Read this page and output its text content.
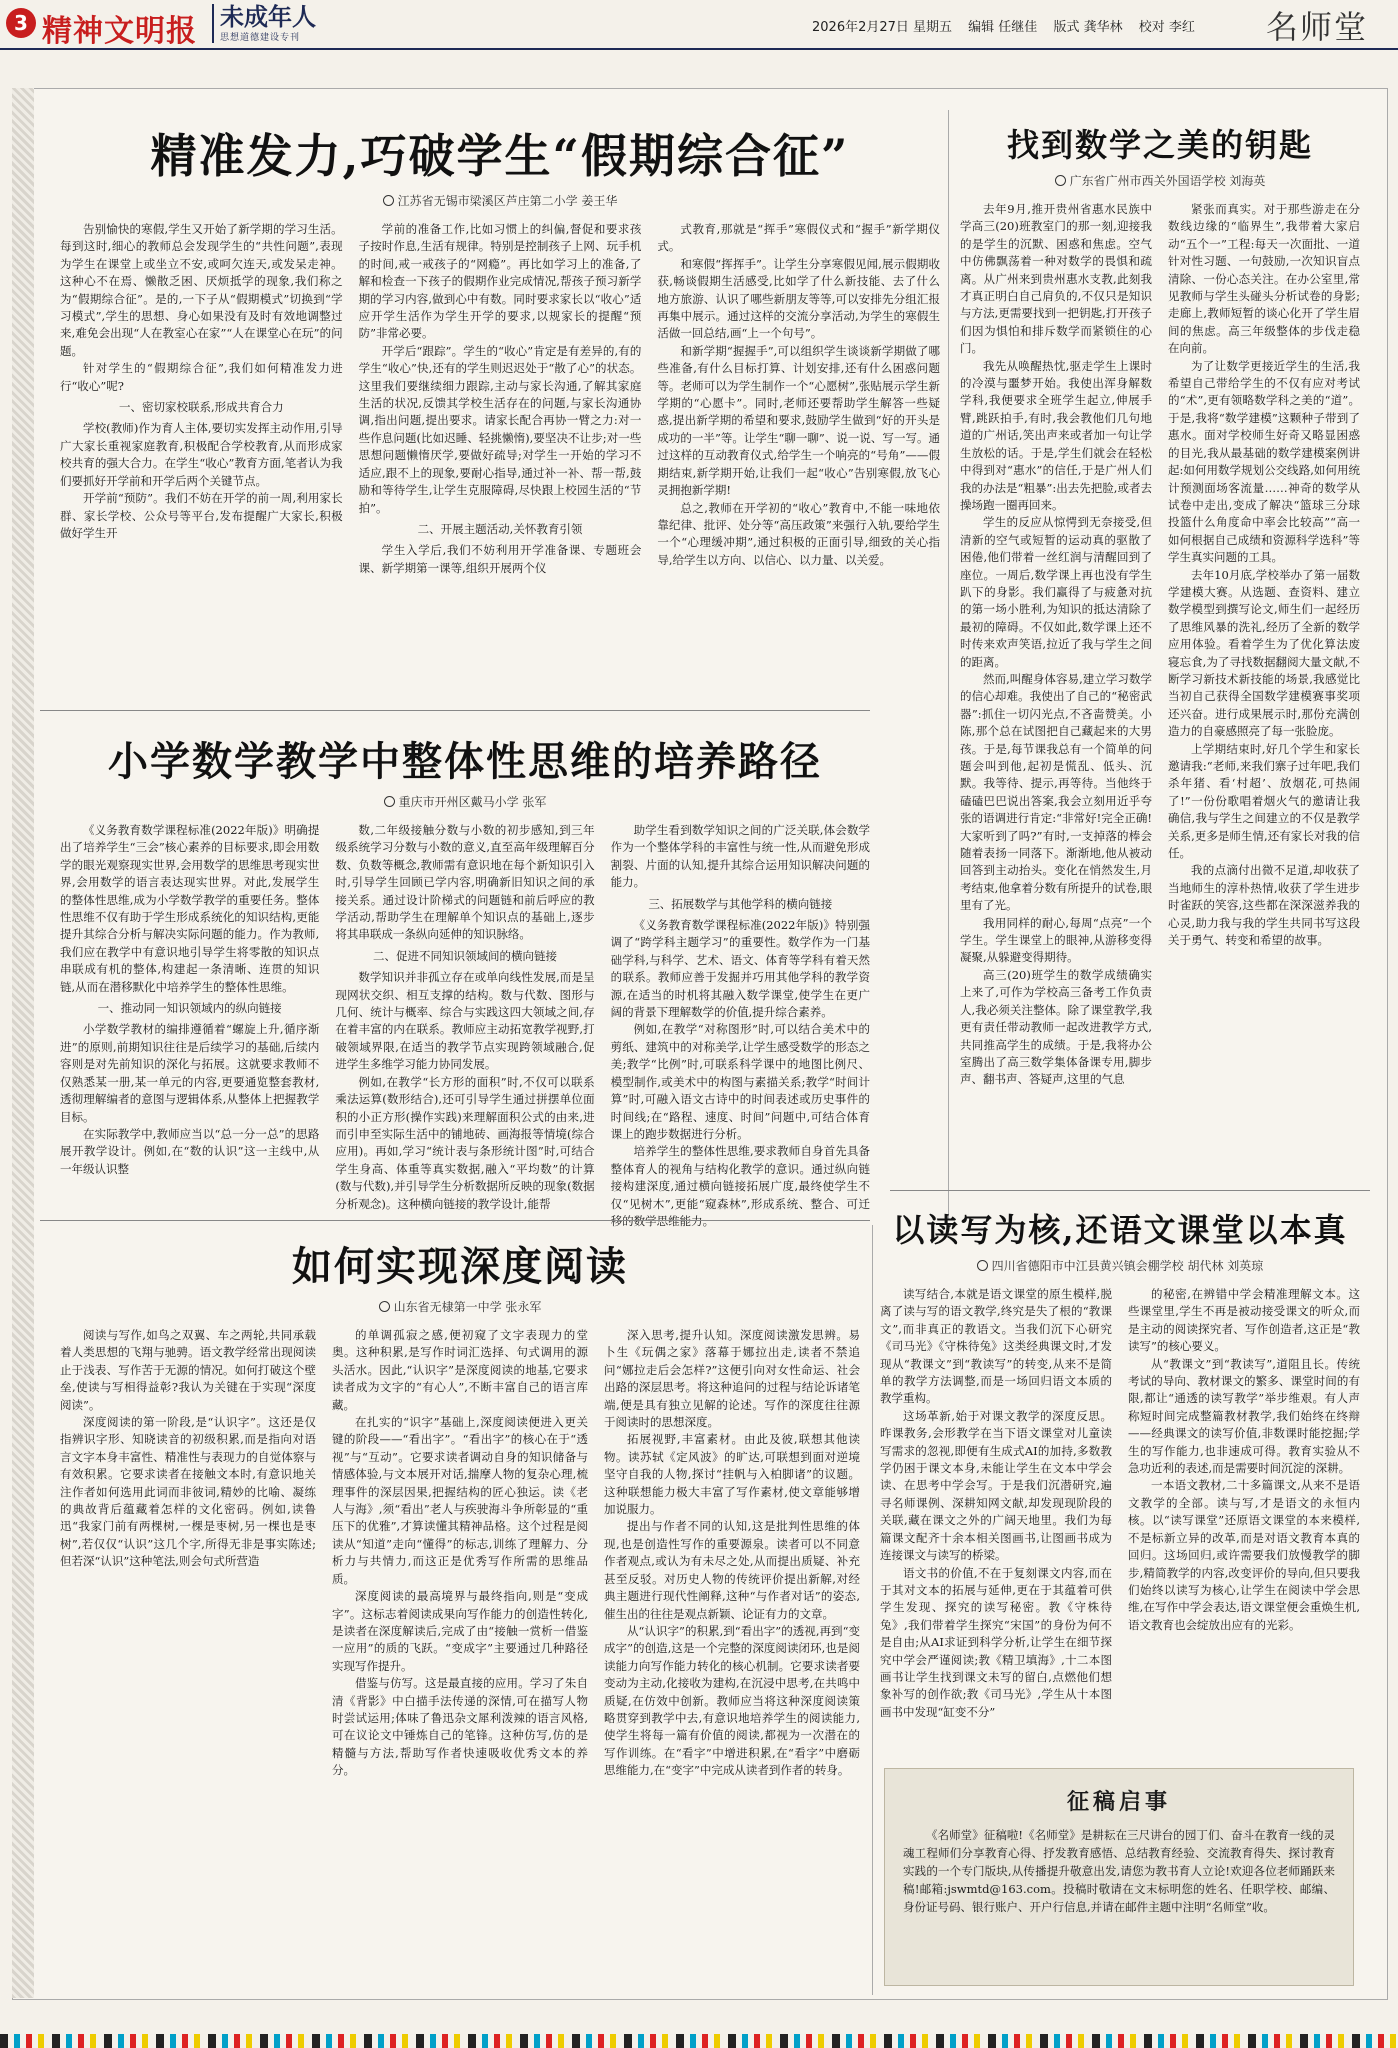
3 精神文明报 未成年人
思想道德建设专刊
2026年2月27日 星期五 编辑 任继佳 版式 龚华林 校对 李红	名师堂
精准发力,巧破学生“假期综合征”
江苏省无锡市梁溪区芦庄第二小学 姜王华

告别愉快的寒假,学生又开始了新学期的学习生活。每到这时,细心的教师总会发现学生的“共性问题”,表现为学生在课堂上或坐立不安,或呵欠连天,或发呆走神。这种心不在焉、懒散乏困、厌烦抵学的现象,我们称之为“假期综合征”。是的,一下子从“假期模式”切换到“学习模式”,学生的思想、身心如果没有及时有效地调整过来,难免会出现“人在教室心在家”“人在课堂心在玩”的问题。

针对学生的“假期综合征”,我们如何精准发力进行“收心”呢?

一、密切家校联系,形成共育合力

学校(教师)作为育人主体,要切实发挥主动作用,引导广大家长重视家庭教育,积极配合学校教育,从而形成家校共育的强大合力。在学生“收心”教育方面,笔者认为我们要抓好开学前和开学后两个关键节点。

开学前“预防”。我们不妨在开学的前一周,利用家长群、家长学校、公众号等平台,发布提醒广大家长,积极做好学生开

学前的准备工作,比如习惯上的纠偏,督促和要求孩子按时作息,生活有规律。特别是控制孩子上网、玩手机的时间,戒一戒孩子的“网瘾”。再比如学习上的准备,了解和检查一下孩子的假期作业完成情况,帮孩子预习新学期的学习内容,做到心中有数。同时要求家长以“收心”适应开学生活作为学生开学的要求,以规家长的提醒“预防”非常必要。

开学后“跟踪”。学生的“收心”肯定是有差异的,有的学生“收心”快,还有的学生则迟迟处于“散了心”的状态。这里我们要继续细力跟踪,主动与家长沟通,了解其家庭生活的状况,反馈其学校生活存在的问题,与家长沟通协调,指出问题,提出要求。请家长配合再协一臂之力:对一些作息问题(比如迟睡、轻挑懒惰),要坚决不让步;对一些思想问题懒惰厌学,要做好疏导;对学生一开始的学习不适应,跟不上的现象,要耐心指导,通过补一补、帮一帮,鼓励和等待学生,让学生克服障碍,尽快跟上校园生活的“节拍”。

二、开展主题活动,关怀教育引领

学生入学后,我们不妨利用开学准备课、专题班会课、新学期第一课等,组织开展两个仪

式教育,那就是“挥手”寒假仪式和“握手”新学期仪式。

和寒假“挥挥手”。让学生分享寒假见闻,展示假期收获,畅谈假期生活感受,比如学了什么新技能、去了什么地方旅游、认识了哪些新朋友等等,可以安排先分组汇报再集中展示。通过这样的交流分享活动,为学生的寒假生活做一回总结,画“上一个句号”。

和新学期“握握手”,可以组织学生谈谈新学期做了哪些准备,有什么目标打算、计划安排,还有什么困惑问题等。老师可以为学生制作一个“心愿树”,张贴展示学生新学期的“心愿卡”。同时,老师还要帮助学生解答一些疑惑,提出新学期的希望和要求,鼓励学生做到“好的开头是成功的一半”等。让学生“聊一聊”、说一说、写一写。通过这样的互动教育仪式,给学生一个响亮的“号角”——假期结束,新学期开始,让我们一起“收心”告别寒假,放飞心灵拥抱新学期!

总之,教师在开学初的“收心”教育中,不能一味地依靠纪律、批评、处分等“高压政策”来强行入轨,要给学生一个“心理缓冲期”,通过积极的正面引导,细致的关心指导,给学生以方向、以信心、以力量、以关爱。

小学数学教学中整体性思维的培养路径
重庆市开州区戴马小学 张军

《义务教育数学课程标准(2022年版)》明确提出了培养学生“三会”核心素养的目标要求,即会用数学的眼光观察现实世界,会用数学的思维思考现实世界,会用数学的语言表达现实世界。对此,发展学生的整体性思维,成为小学数学教学的重要任务。整体性思维不仅有助于学生形成系统化的知识结构,更能提升其综合分析与解决实际问题的能力。作为教师,我们应在教学中有意识地引导学生将零散的知识点串联成有机的整体,构建起一条清晰、连贯的知识链,从而在潜移默化中培养学生的整体性思维。

一、推动同一知识领域内的纵向链接

小学数学教材的编排遵循着“螺旋上升,循序渐进”的原则,前期知识往往是后续学习的基础,后续内容则是对先前知识的深化与拓展。这就要求教师不仅熟悉某一册,某一单元的内容,更要通览整套教材,透彻理解编者的意图与逻辑体系,从整体上把握教学目标。

在实际教学中,教师应当以“总一分一总”的思路展开教学设计。例如,在“数的认识”这一主线中,从一年级认识整

数,二年级接触分数与小数的初步感知,到三年级系统学习分数与小数的意义,直至高年级理解百分数、负数等概念,教师需有意识地在每个新知识引入时,引导学生回顾已学内容,明确新旧知识之间的承接关系。通过设计阶梯式的问题链和前后呼应的教学活动,帮助学生在理解单个知识点的基础上,逐步将其串联成一条纵向延伸的知识脉络。

二、促进不同知识领域间的横向链接

数学知识并非孤立存在或单向线性发展,而是呈现网状交织、相互支撑的结构。数与代数、图形与几何、统计与概率、综合与实践这四大领域之间,存在着丰富的内在联系。教师应主动拓宽教学视野,打破领域界限,在适当的教学节点实现跨领域融合,促进学生多维学习能力协同发展。

例如,在教学“长方形的面积”时,不仅可以联系乘法运算(数形结合),还可引导学生通过拼摆单位面积的小正方形(操作实践)来理解面积公式的由来,进而引申至实际生活中的铺地砖、画海报等情境(综合应用)。再如,学习“统计表与条形统计图”时,可结合学生身高、体重等真实数据,融入“平均数”的计算(数与代数),并引导学生分析数据所反映的现象(数据分析观念)。这种横向链接的教学设计,能帮

助学生看到数学知识之间的广泛关联,体会数学作为一个整体学科的丰富性与统一性,从而避免形成割裂、片面的认知,提升其综合运用知识解决问题的能力。

三、拓展数学与其他学科的横向链接

《义务教育数学课程标准(2022年版)》特别强调了“跨学科主题学习”的重要性。数学作为一门基础学科,与科学、艺术、语文、体育等学科有着天然的联系。教师应善于发掘并巧用其他学科的教学资源,在适当的时机将其融入数学课堂,使学生在更广阔的背景下理解数学的价值,提升综合素养。

例如,在教学“对称图形”时,可以结合美术中的剪纸、建筑中的对称美学,让学生感受数学的形态之美;教学“比例”时,可联系科学课中的地图比例尺、模型制作,或美术中的构图与素描关系;教学“时间计算”时,可融入语文古诗中的时间表述或历史事件的时间线;在“路程、速度、时间”问题中,可结合体育课上的跑步数据进行分析。

培养学生的整体性思维,要求教师自身首先具备整体育人的视角与结构化教学的意识。通过纵向链接构建深度,通过横向链接拓展广度,最终使学生不仅“见树木”,更能“窥森林”,形成系统、整合、可迁移的数学思维能力。

找到数学之美的钥匙
广东省广州市西关外国语学校 刘海英

去年9月,推开贵州省惠水民族中学高三(20)班教室门的那一刻,迎接我的是学生的沉默、困惑和焦虑。空气中仿佛飘荡着一种对数学的畏惧和疏离。从广州来到贵州惠水支教,此刻我才真正明白自己肩负的,不仅只是知识与方法,更需要找到一把钥匙,打开孩子们因为惧怕和排斥数学而紧锁住的心门。

我先从唤醒热忱,驱走学生上课时的冷漠与噩梦开始。我使出浑身解数学科,我便要求全班学生起立,伸展手臂,跳跃拍手,有时,我会教他们几句地道的广州话,笑出声来或者加一句让学生放松的话。于是,学生们就会在轻松中得到对“惠水”的信任,于是广州人们我的办法是“粗暴”:出去先把脸,或者去操场跑一圈再回来。

学生的反应从惊愕到无奈接受,但清新的空气或短暂的运动真的驱散了困倦,他们带着一丝红润与清醒回到了座位。一周后,数学课上再也没有学生趴下的身影。我们赢得了与疲惫对抗的第一场小胜利,为知识的抵达清除了最初的障碍。不仅如此,数学课上还不时传来欢声笑语,拉近了我与学生之间的距离。

然而,叫醒身体容易,建立学习数学的信心却难。我使出了自己的“秘密武器”:抓住一切闪光点,不吝啬赞美。小陈,那个总在试图把自己藏起来的大男孩。于是,每节课我总有一个简单的问题会叫到他,起初是慌乱、低头、沉默。我等待、提示,再等待。当他终于磕磕巴巴说出答案,我会立刻用近乎夸张的语调进行肯定:“非常好!完全正确!大家听到了吗?”有时,一支掉落的棒会随着表扬一同落下。渐渐地,他从被动回答到主动抬头。变化在悄然发生,月考结束,他拿着分数有所提升的试卷,眼里有了光。

我用同样的耐心,每周“点亮”一个学生。学生课堂上的眼神,从游移变得凝聚,从躲避变得期待。

高三(20)班学生的数学成绩确实上来了,可作为学校高三备考工作负责人,我必须关注整体。除了课堂教学,我更有责任带动教师一起改进教学方式,共同推高学生的成绩。于是,我将办公室腾出了高三数学集体备课专用,脚步声、翻书声、答疑声,这里的气息

紧张而真实。对于那些游走在分数线边缘的“临界生”,我带着大家启动“五个一”工程:每天一次面批、一道针对性习题、一句鼓励,一次知识盲点清除、一份心态关注。在办公室里,常见教师与学生头碰头分析试卷的身影;走廊上,教师短暂的谈心化开了学生眉间的焦虑。高三年级整体的步伐走稳在向前。

为了让数学更接近学生的生活,我希望自己带给学生的不仅有应对考试的“术”,更有领略数学科之美的“道”。于是,我将“数学建模”这颗种子带到了惠水。面对学校师生好奇又略显困惑的目光,我从最基础的数学建模案例讲起:如何用数学规划公交线路,如何用统计预测面场客流量……神奇的数学从试卷中走出,变成了解决“篮球三分球投篮什么角度命中率会比较高”“高一如何根据自己成绩和资源科学选科”等学生真实问题的工具。

去年10月底,学校举办了第一届数学建模大赛。从选题、查资料、建立数学模型到撰写论文,师生们一起经历了思维风暴的洗礼,经历了全新的数学应用体验。看着学生为了优化算法废寝忘食,为了寻找数据翻阅大量文献,不断学习新技术新技能的场景,我感觉比当初自己获得全国数学建模赛事奖项还兴奋。进行成果展示时,那份充满创造力的自豪感照亮了每一张脸庞。

上学期结束时,好几个学生和家长邀请我:“老师,来我们寨子过年吧,我们杀年猪、看‘村超’、放烟花,可热闹了!”一份份歌唱着烟火气的邀请让我确信,我与学生之间建立的不仅是教学关系,更多是师生情,还有家长对我的信任。

我的点滴付出微不足道,却收获了当地师生的淳朴热情,收获了学生进步时雀跃的笑容,这些都在深深滋养我的心灵,助力我与我的学生共同书写这段关于勇气、转变和希望的故事。

以读写为核,还语文课堂以本真
四川省德阳市中江县黄兴镇会棚学校 胡代林 刘英琼

读写结合,本就是语文课堂的原生模样,脱离了读与写的语文教学,终究是失了根的“教课文”,而非真正的教语文。当我们沉下心研究《司马光》《守株待兔》这类经典课文时,才发现从“教课文”到“教读写”的转变,从来不是简单的教学方法调整,而是一场回归语文本质的教学重构。

这场革新,始于对课文教学的深度反思。昨课教务,会形教学在当下语文课堂对儿童读写需求的忽视,即便有生成式AI的加持,多数教学仍困于课文本身,未能让学生在文本中学会读、在思考中学会写。于是我们沉潜研究,遍寻名师课例、深耕知网文献,却发现现阶段的关联,藏在课文之外的广阔天地里。我们为每篇课文配齐十余本相关图画书,让图画书成为连接课文与读写的桥梁。

语文书的价值,不在于复刻课文内容,而在于其对文本的拓展与延伸,更在于其蕴着可供学生发现、探究的读写秘密。教《守株待兔》,我们带着学生探究“宋国”的身份为何不是自由;从AI求证到科学分析,让学生在细节探究中学会严谨阅读;教《精卫填海》,十二本图画书让学生找到课文未写的留白,点燃他们想象补写的创作欲;教《司马光》,学生从十本图画书中发现“缸变不分”

的秘密,在辨错中学会精准理解文本。这些课堂里,学生不再是被动接受课文的听众,而是主动的阅读探究者、写作创造者,这正是“教读写”的核心要义。

从“教课文”到“教读写”,道阻且长。传统考试的导向、教材课文的繁多、课堂时间的有限,都让“通透的读写教学”举步维艰。有人声称短时间完成整篇教材教学,我们始终在终辩——经典课文的读写价值,非数课时能挖掘;学生的写作能力,也非速成可得。教育实验从不急功近利的表述,而是需要时间沉淀的深耕。

一本语文教材,二十多篇课文,从来不是语文教学的全部。读与写,才是语文的永恒内核。以“读写课堂”还原语文课堂的本来模样,不是标新立异的改革,而是对语文教育本真的回归。这场回归,或许需要我们放慢教学的脚步,精简教学的内容,改变评价的导向,但只要我们始终以读写为核心,让学生在阅读中学会思维,在写作中学会表达,语文课堂便会重焕生机,语文教育也会绽放出应有的光彩。

如何实现深度阅读
山东省无棣第一中学 张永军

阅读与写作,如鸟之双翼、车之两轮,共同承载着人类思想的飞翔与驰骋。语文教学经常出现阅读止于浅表、写作苦于无源的情况。如何打破这个壁垒,使读与写相得益彰?我认为关键在于实现“深度阅读”。

深度阅读的第一阶段,是“认识字”。这还是仅指辨识字形、知晓读音的初级积累,而是指向对语言文字本身丰富性、精准性与表现力的自觉体察与有效积累。它要求读者在接触文本时,有意识地关注作者如何选用此词而非彼词,精妙的比喻、凝练的典故背后蕴藏着怎样的文化密码。例如,读鲁迅“我家门前有两棵树,一棵是枣树,另一棵也是枣树”,若仅仅“认识”这几个字,所得无非是事实陈述;但若深“认识”这种笔法,则会句式所营造

的单调孤寂之感,便初窥了文字表现力的堂奥。这种积累,是写作时词汇选择、句式调用的源头活水。因此,“认识字”是深度阅读的地基,它要求读者成为文字的“有心人”,不断丰富自己的语言库藏。

在扎实的“识字”基础上,深度阅读便进入更关键的阶段——“看出字”。“看出字”的核心在于“透视”与“互动”。它要求读者调动自身的知识储备与情感体验,与文本展开对话,揣摩人物的复杂心理,梳理事件的深层因果,把握结构的匠心独运。读《老人与海》,须“看出”老人与疾驶海斗争所彰显的“重压下的优雅”,才算读懂其精神品格。这个过程是阅读从“知道”走向“懂得”的标志,训练了理解力、分析力与共情力,而这正是优秀写作所需的思维品质。

深度阅读的最高境界与最终指向,则是“变成字”。这标志着阅读成果向写作能力的创造性转化,是读者在深度解读后,完成了由“接触一赏析一借鉴一应用”的质的飞跃。“变成字”主要通过几种路径实现写作提升。

借鉴与仿写。这是最直接的应用。学习了朱自清《背影》中白描手法传递的深情,可在描写人物时尝试运用;体味了鲁迅杂文犀利泼辣的语言风格,可在议论文中锤炼自己的笔锋。这种仿写,仿的是精髓与方法,帮助写作者快速吸收优秀文本的养分。

深入思考,提升认知。深度阅读激发思辨。易卜生《玩偶之家》落幕于娜拉出走,读者不禁追问“娜拉走后会怎样?”这便引向对女性命运、社会出路的深层思考。将这种追问的过程与结论诉诸笔端,便是具有独立见解的论述。写作的深度往往源于阅读时的思想深度。

拓展视野,丰富素材。由此及彼,联想其他读物。读苏轼《定风波》的旷达,可联想到面对逆境坚守自我的人物,探讨“挂帆与入柏脚诸”的议题。这种联想能力极大丰富了写作素材,使文章能够增加说服力。

提出与作者不同的认知,这是批判性思维的体现,也是创造性写作的重要源泉。读者可以不同意作者观点,或认为有未尽之处,从而提出质疑、补充甚至反驳。对历史人物的传统评价提出新解,对经典主题进行现代性阐释,这种“与作者对话”的姿态,催生出的往往是观点新颖、论证有力的文章。

从“认识字”的积累,到“看出字”的透视,再到“变成字”的创造,这是一个完整的深度阅读闭环,也是阅读能力向写作能力转化的核心机制。它要求读者要变动为主动,化接收为建构,在沉浸中思考,在共鸣中质疑,在仿效中创新。教师应当将这种深度阅读策略贯穿到教学中去,有意识地培养学生的阅读能力,使学生将每一篇有价值的阅读,都视为一次潜在的写作训练。在“看字”中增进积累,在“看字”中磨砺思维能力,在“变字”中完成从读者到作者的转身。

征稿启事

《名师堂》征稿啦!《名师堂》是耕耘在三尺讲台的园丁们、奋斗在教育一线的灵魂工程师们分享教育心得、抒发教育感悟、总结教育经验、交流教育得失、探讨教育实践的一个专门版块,从传播提升敬意出发,请您为教书育人立论!欢迎各位老师踊跃来稿!邮箱:jswmtd@163.com。投稿时敬请在文末标明您的姓名、任职学校、邮编、身份证号码、银行账户、开户行信息,并请在邮件主题中注明“名师堂”收。
